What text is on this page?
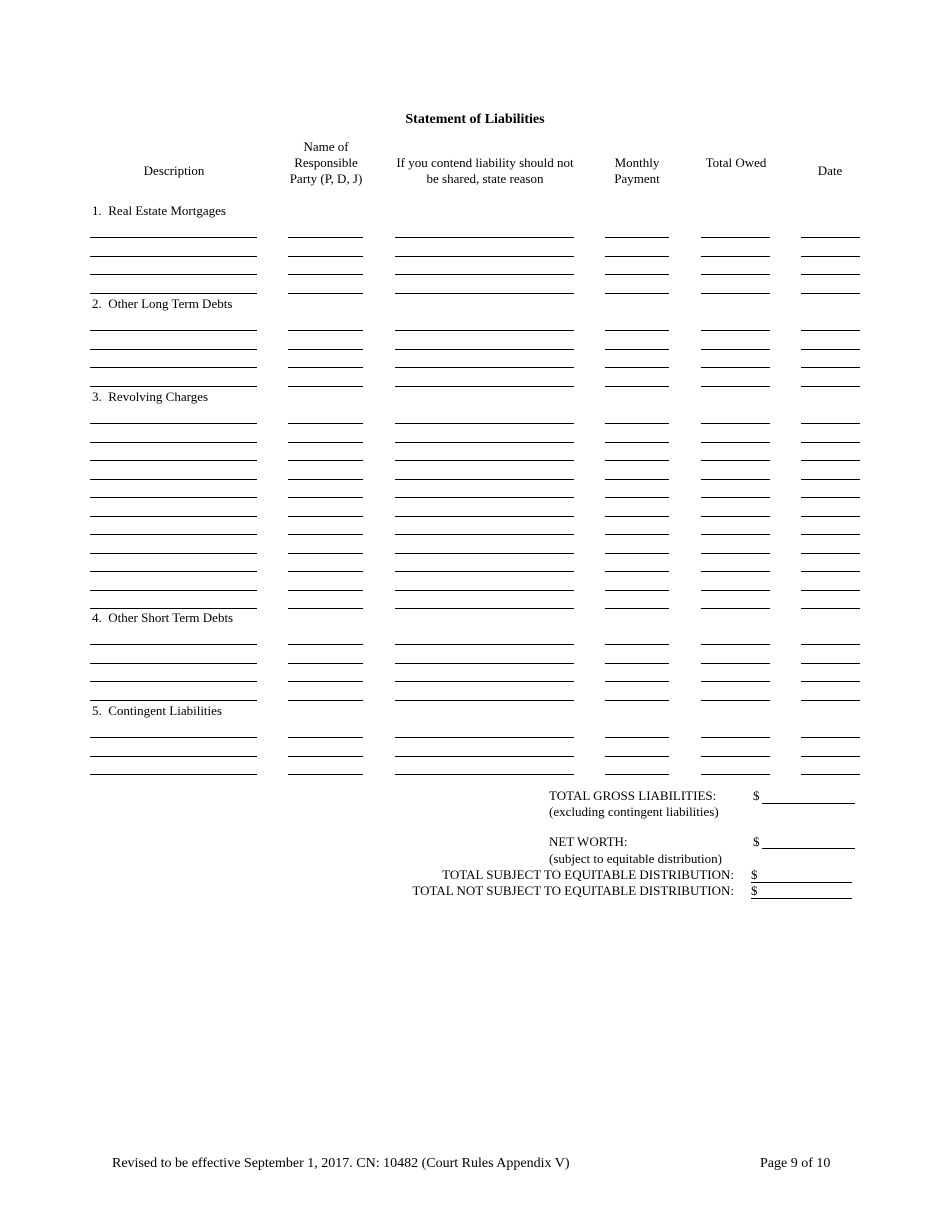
Statement of Liabilities
Description
Name of Responsible Party (P, D, J)
If you contend liability should not be shared, state reason
Monthly Payment
Total Owed
Date
1.  Real Estate Mortgages
2.  Other Long Term Debts
3.  Revolving Charges
4.  Other Short Term Debts
5.  Contingent Liabilities
TOTAL GROSS LIABILITIES:
(excluding contingent liabilities)
$
NET WORTH:
(subject to equitable distribution)
$
TOTAL SUBJECT TO EQUITABLE DISTRIBUTION: $
TOTAL NOT SUBJECT TO EQUITABLE DISTRIBUTION: $
Revised to be effective September 1, 2017. CN: 10482 (Court Rules Appendix V)	Page 9 of 10
